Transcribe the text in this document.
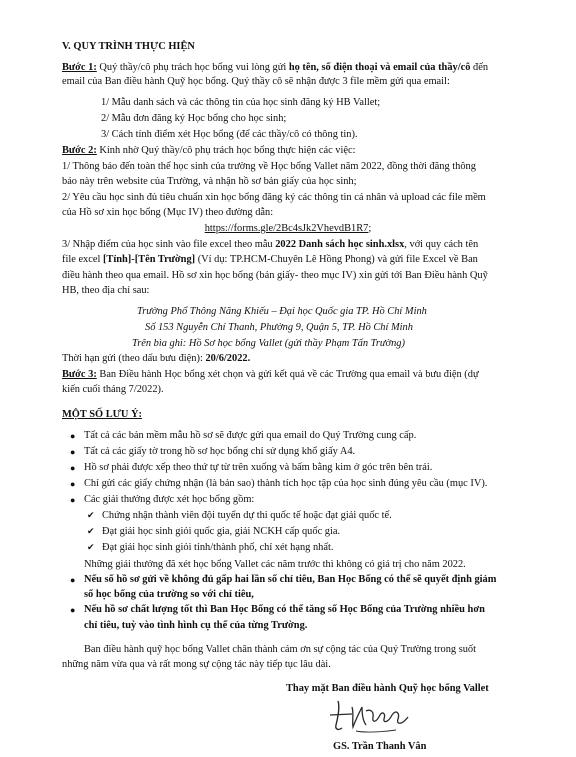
V. QUY TRÌNH THỰC HIỆN
Bước 1: Quý thầy/cô phụ trách học bổng vui lòng gửi họ tên, số điện thoại và email của thầy/cô đến
email của Ban điều hành Quỹ học bổng. Quý thầy cô sẽ nhận được 3 file mềm gửi qua email:
1/ Mẫu danh sách và các thông tin của học sinh đăng ký HB Vallet;
2/ Mẫu đơn đăng ký Học bổng cho học sinh;
3/ Cách tính điểm xét Học bổng (để các thầy/cô có thông tin).
Bước 2: Kính nhờ Quý thầy/cô phụ trách học bổng thực hiện các việc:
1/ Thông báo đến toàn thể học sinh của trường về Học bổng Vallet năm 2022, đồng thời đăng thông
báo này trên website của Trường, và nhận hồ sơ bản giấy của học sinh;
2/ Yêu cầu học sinh đủ tiêu chuẩn xin học bổng đăng ký các thông tin cá nhân và upload các file mềm
của Hồ sơ xin học bổng (Mục IV) theo đường dẫn:
https://forms.gle/2Bc4sJk2VhevdB1R7;
3/ Nhập điểm của học sinh vào file excel theo mẫu 2022 Danh sách học sinh.xlsx, với quy cách tên
file excel [Tỉnh]-[Tên Trường] (Ví dụ: TP.HCM-Chuyên Lê Hồng Phong) và gửi file Excel về Ban
điều hành theo qua email. Hồ sơ xin học bổng (bản giấy- theo mục IV) xin gửi tới Ban Điều hành Quỹ
HB, theo địa chỉ sau:
Trường Phổ Thông Năng Khiếu – Đại học Quốc gia TP. Hồ Chí Minh
Số 153 Nguyễn Chí Thanh, Phường 9, Quận 5, TP. Hồ Chí Minh
Trên bìa ghi: Hồ Sơ học bổng Vallet (gửi thầy Phạm Tấn Trường)
Thời hạn gửi (theo dấu bưu điện): 20/6/2022.
Bước 3: Ban Điều hành Học bổng xét chọn và gửi kết quả về các Trường qua email và bưu điện (dự
kiến cuối tháng 7/2022).
MỘT SỐ LƯU Ý:
● Tất cả các bản mềm mẫu hồ sơ sẽ được gửi qua email do Quý Trường cung cấp.
● Tất cả các giấy tờ trong hồ sơ học bổng chỉ sử dụng khổ giấy A4.
● Hồ sơ phải được xếp theo thứ tự từ trên xuống và bấm bằng kim ở góc trên bên trái.
● Chỉ gửi các giấy chứng nhận (là bản sao) thành tích học tập của học sinh đúng yêu cầu (mục IV).
● Các giải thưởng được xét học bổng gồm:
✔ Chứng nhận thành viên đội tuyển dự thi quốc tế hoặc đạt giải quốc tế.
✔ Đạt giải học sinh giỏi quốc gia, giải NCKH cấp quốc gia.
✔ Đạt giải học sinh giỏi tỉnh/thành phố, chỉ xét hạng nhất.
Những giải thưởng đã xét học bổng Vallet các năm trước thì không có giá trị cho năm 2022.
● Nếu số hồ sơ gửi về không đủ gấp hai lần số chỉ tiêu, Ban Học Bổng có thể sẽ quyết định giảm
số học bổng của trường so với chỉ tiêu,
● Nếu hồ sơ chất lượng tốt thì Ban Học Bổng có thể tăng số Học Bổng của Trường nhiều hơn
chỉ tiêu, tuỳ vào tình hình cụ thể của từng Trường.
Ban điều hành quỹ học bổng Vallet chân thành cám ơn sự cộng tác của Quý Trường trong suốt
những năm vừa qua và rất mong sự cộng tác này tiếp tục lâu dài.
Thay mặt Ban điều hành Quỹ học bổng Vallet
GS. Trần Thanh Vân
